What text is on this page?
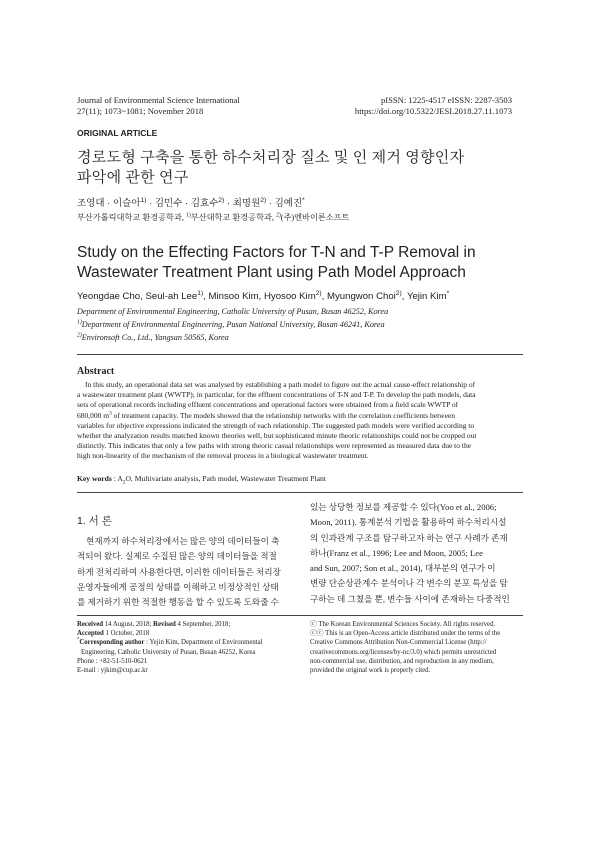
Journal of Environmental Science International
27(11); 1073~1081; November 2018
pISSN: 1225-4517 eISSN: 2287-3503
https://doi.org/10.5322/JESI.2018.27.11.1073
ORIGINAL ARTICLE
경로도형 구축을 통한 하수처리장 질소 및 인 제거 영향인자
파악에 관한 연구
조영대 · 이슬아$^{1)}$ · 김민수 · 김효수$^{2)}$ · 최명원$^{2)}$ · 김예진*
부산가톨릭대학교 환경공학과, $^{1)}$부산대학교 환경공학과, $^{2)}$(주)엔바이론소프트
Study on the Effecting Factors for T-N and T-P Removal in
Wastewater Treatment Plant using Path Model Approach
Yeongdae Cho, Seul-ah Lee$^{1)}$, Minsoo Kim, Hyosoo Kim$^{2)}$, Myungwon Choi$^{2)}$, Yejin Kim*
Department of Environmental Engineering, Catholic University of Pusan, Busan 46252, Korea
$^{1)}$Department of Environmental Engineering, Pusan National University, Busan 46241, Korea
$^{2)}$Environsoft Co., Ltd., Yangsan 50565, Korea
Abstract
In this study, an operational data set was analysed by establishing a path model to figure out the actual cause-effect relationship of
a wastewater treatment plant (WWTP); in particular, for the effluent concentrations of T-N and T-P. To develop the path models, data
sets of operational records including effluent concentrations and operational factors were obtained from a field scale WWTP of
680,000 $m^3$ of treatment capacity. The models showed that the relationship networks with the correlation coefficients between
variables for objective expressions indicated the strength of each relationship. The suggested path models were verified according to
whether the analyzation results matched known theories well, but sophisticated minute theoric relationships could not be cropped out
distinctly. This indicates that only a few paths with strong theoric casual relationships were represented as measured data due to the
high non-linearity of the mechanism of the removal process in a biological wastewater treatment.
Key words : $A_2O$, Multivariate analysis, Path model, Wastewater Treatment Plant
1. 서 론
현재까지 하수처리장에서는 많은 양의 데이터들이 축
적되어 왔다. 실제로 수집된 많은 양의 데이터들을 적절
하게 전처리하여 사용한다면, 이러한 데이터들은 처리장
운영자들에게 공정의 상태를 이해하고 비정상적인 상태
를 제거하기 위한 적절한 행동을 할 수 있도록 도와줄 수
있는 상당한 정보를 제공할 수 있다(Yoo et al., 2006;
Moon, 2011). 통계분석 기법을 활용하여 하수처리시설
의 인과관계 구조를 탐구하고자 하는 연구 사례가 존재
하나(Franz et al., 1996; Lee and Moon, 2005; Lee
and Sun, 2007; Son et al., 2014), 대부분의 연구가 이
변량 단순상관계수 분석이나 각 변수의 분포 특성을 탐
구하는 데 그쳤을 뿐, 변수들 사이에 존재하는 다중적인
Received 14 August, 2018; Revised 4 September, 2018;
Accepted 1 October, 2018
*Corresponding author : Yejin Kim, Department of Environmental
Engineering, Catholic University of Pusan, Busan 46252, Korea
Phone : +82-51-510-0621
E-mail : yjkim@cup.ac.kr
ⓒ The Korean Environmental Sciences Society. All rights reserved.
ⓒⓒ This is an Open-Access article distributed under the terms of the
Creative Commons Attribution Non-Commercial License (http://
creativecommons.org/licenses/by-nc/3.0) which permits unrestricted
non-commercial use, distribution, and reproduction in any medium,
provided the original work is properly cited.
